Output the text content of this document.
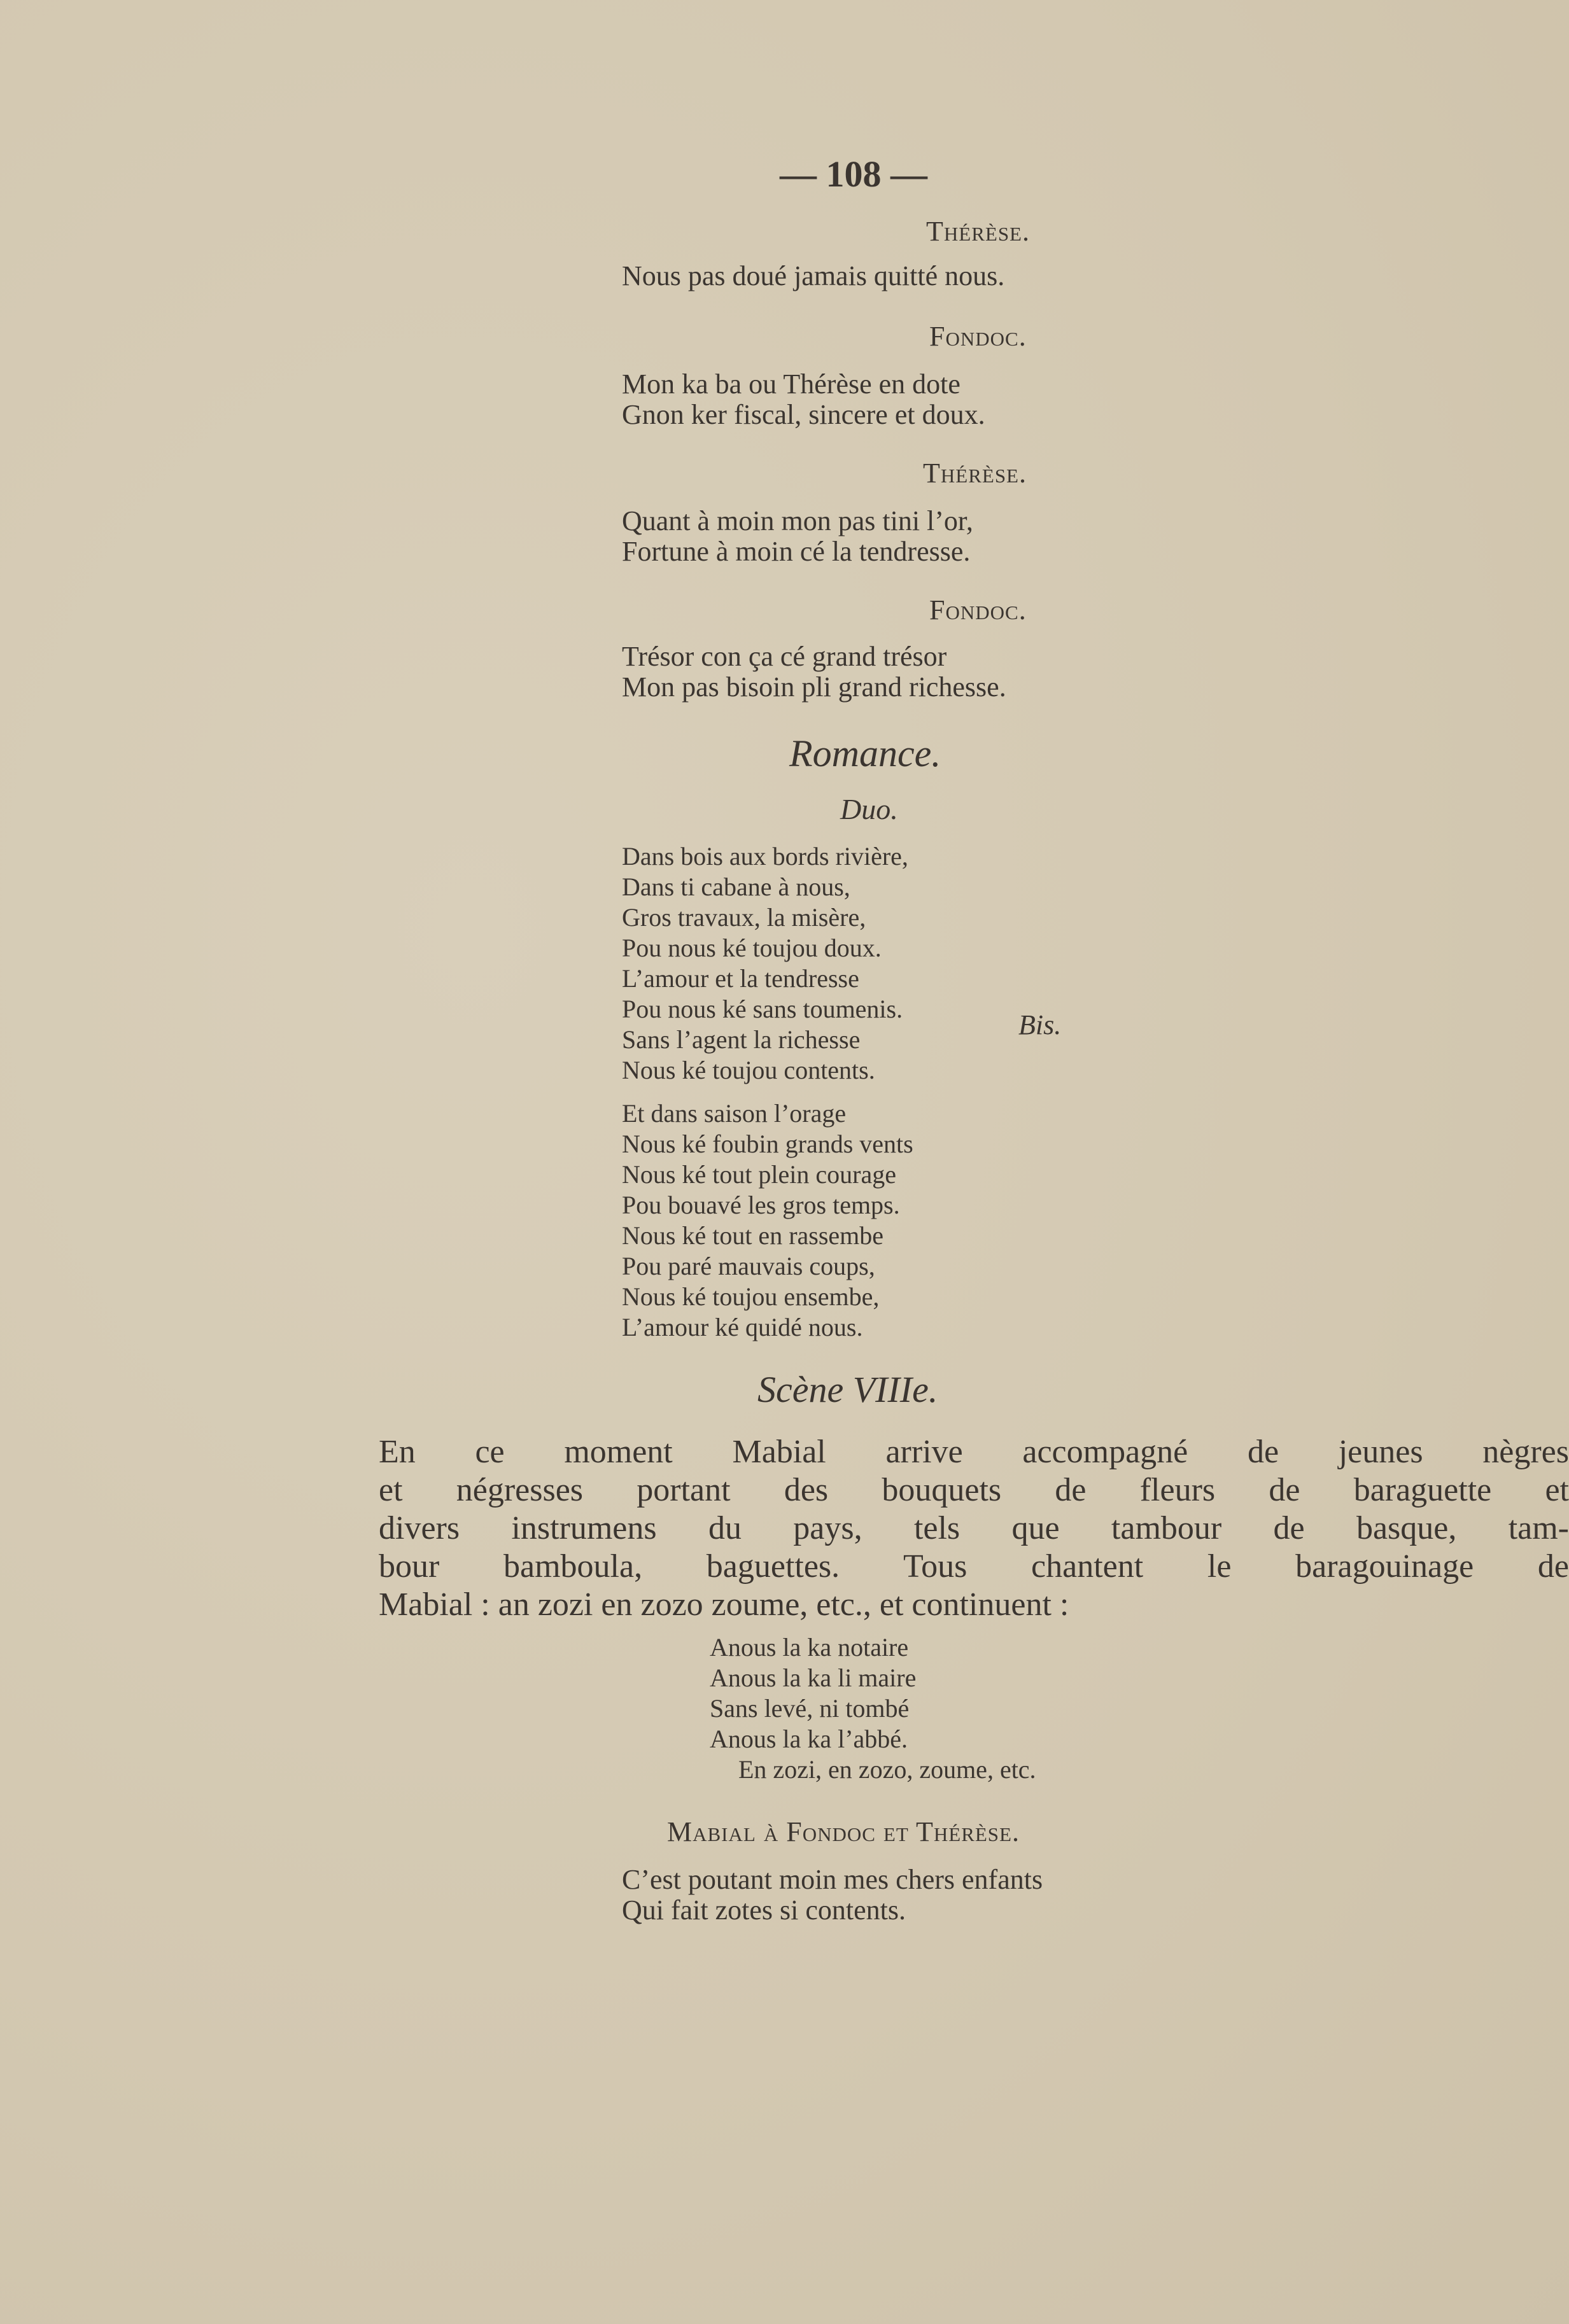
— 108 —
Thérèse.
Nous pas doué jamais quitté nous.
Fondoc.
Mon ka ba ou Thérèse en dote
Gnon ker fiscal, sincere et doux.
Thérèse.
Quant à moin mon pas tini l’or,
Fortune à moin cé la tendresse.
Fondoc.
Trésor con ça cé grand trésor
Mon pas bisoin pli grand richesse.
Romance.
Duo.
Dans bois aux bords rivière,
Dans ti cabane à nous,
Gros travaux, la misère,
Pou nous ké toujou doux.
L’amour et la tendresse
Pou nous ké sans toumenis.
Sans l’agent la richesse
Nous ké toujou contents.
Bis.
Et dans saison l’orage
Nous ké foubin grands vents
Nous ké tout plein courage
Pou bouavé les gros temps.
Nous ké tout en rassembe
Pou paré mauvais coups,
Nous ké toujou ensembe,
L’amour ké quidé nous.
Scène VIIIe.
En ce moment Mabial arrive accompagné de jeunes nègres
et négresses portant des bouquets de fleurs de baraguette et
divers instrumens du pays, tels que tambour de basque, tam-
bour bamboula, baguettes. Tous chantent le baragouinage de
Mabial : an zozi en zozo zoume, etc., et continuent :
Anous la ka notaire
Anous la ka li maire
Sans levé, ni tombé
Anous la ka l’abbé.
En zozi, en zozo, zoume, etc.
Mabial à Fondoc et Thérèse.
C’est poutant moin mes chers enfants
Qui fait zotes si contents.
